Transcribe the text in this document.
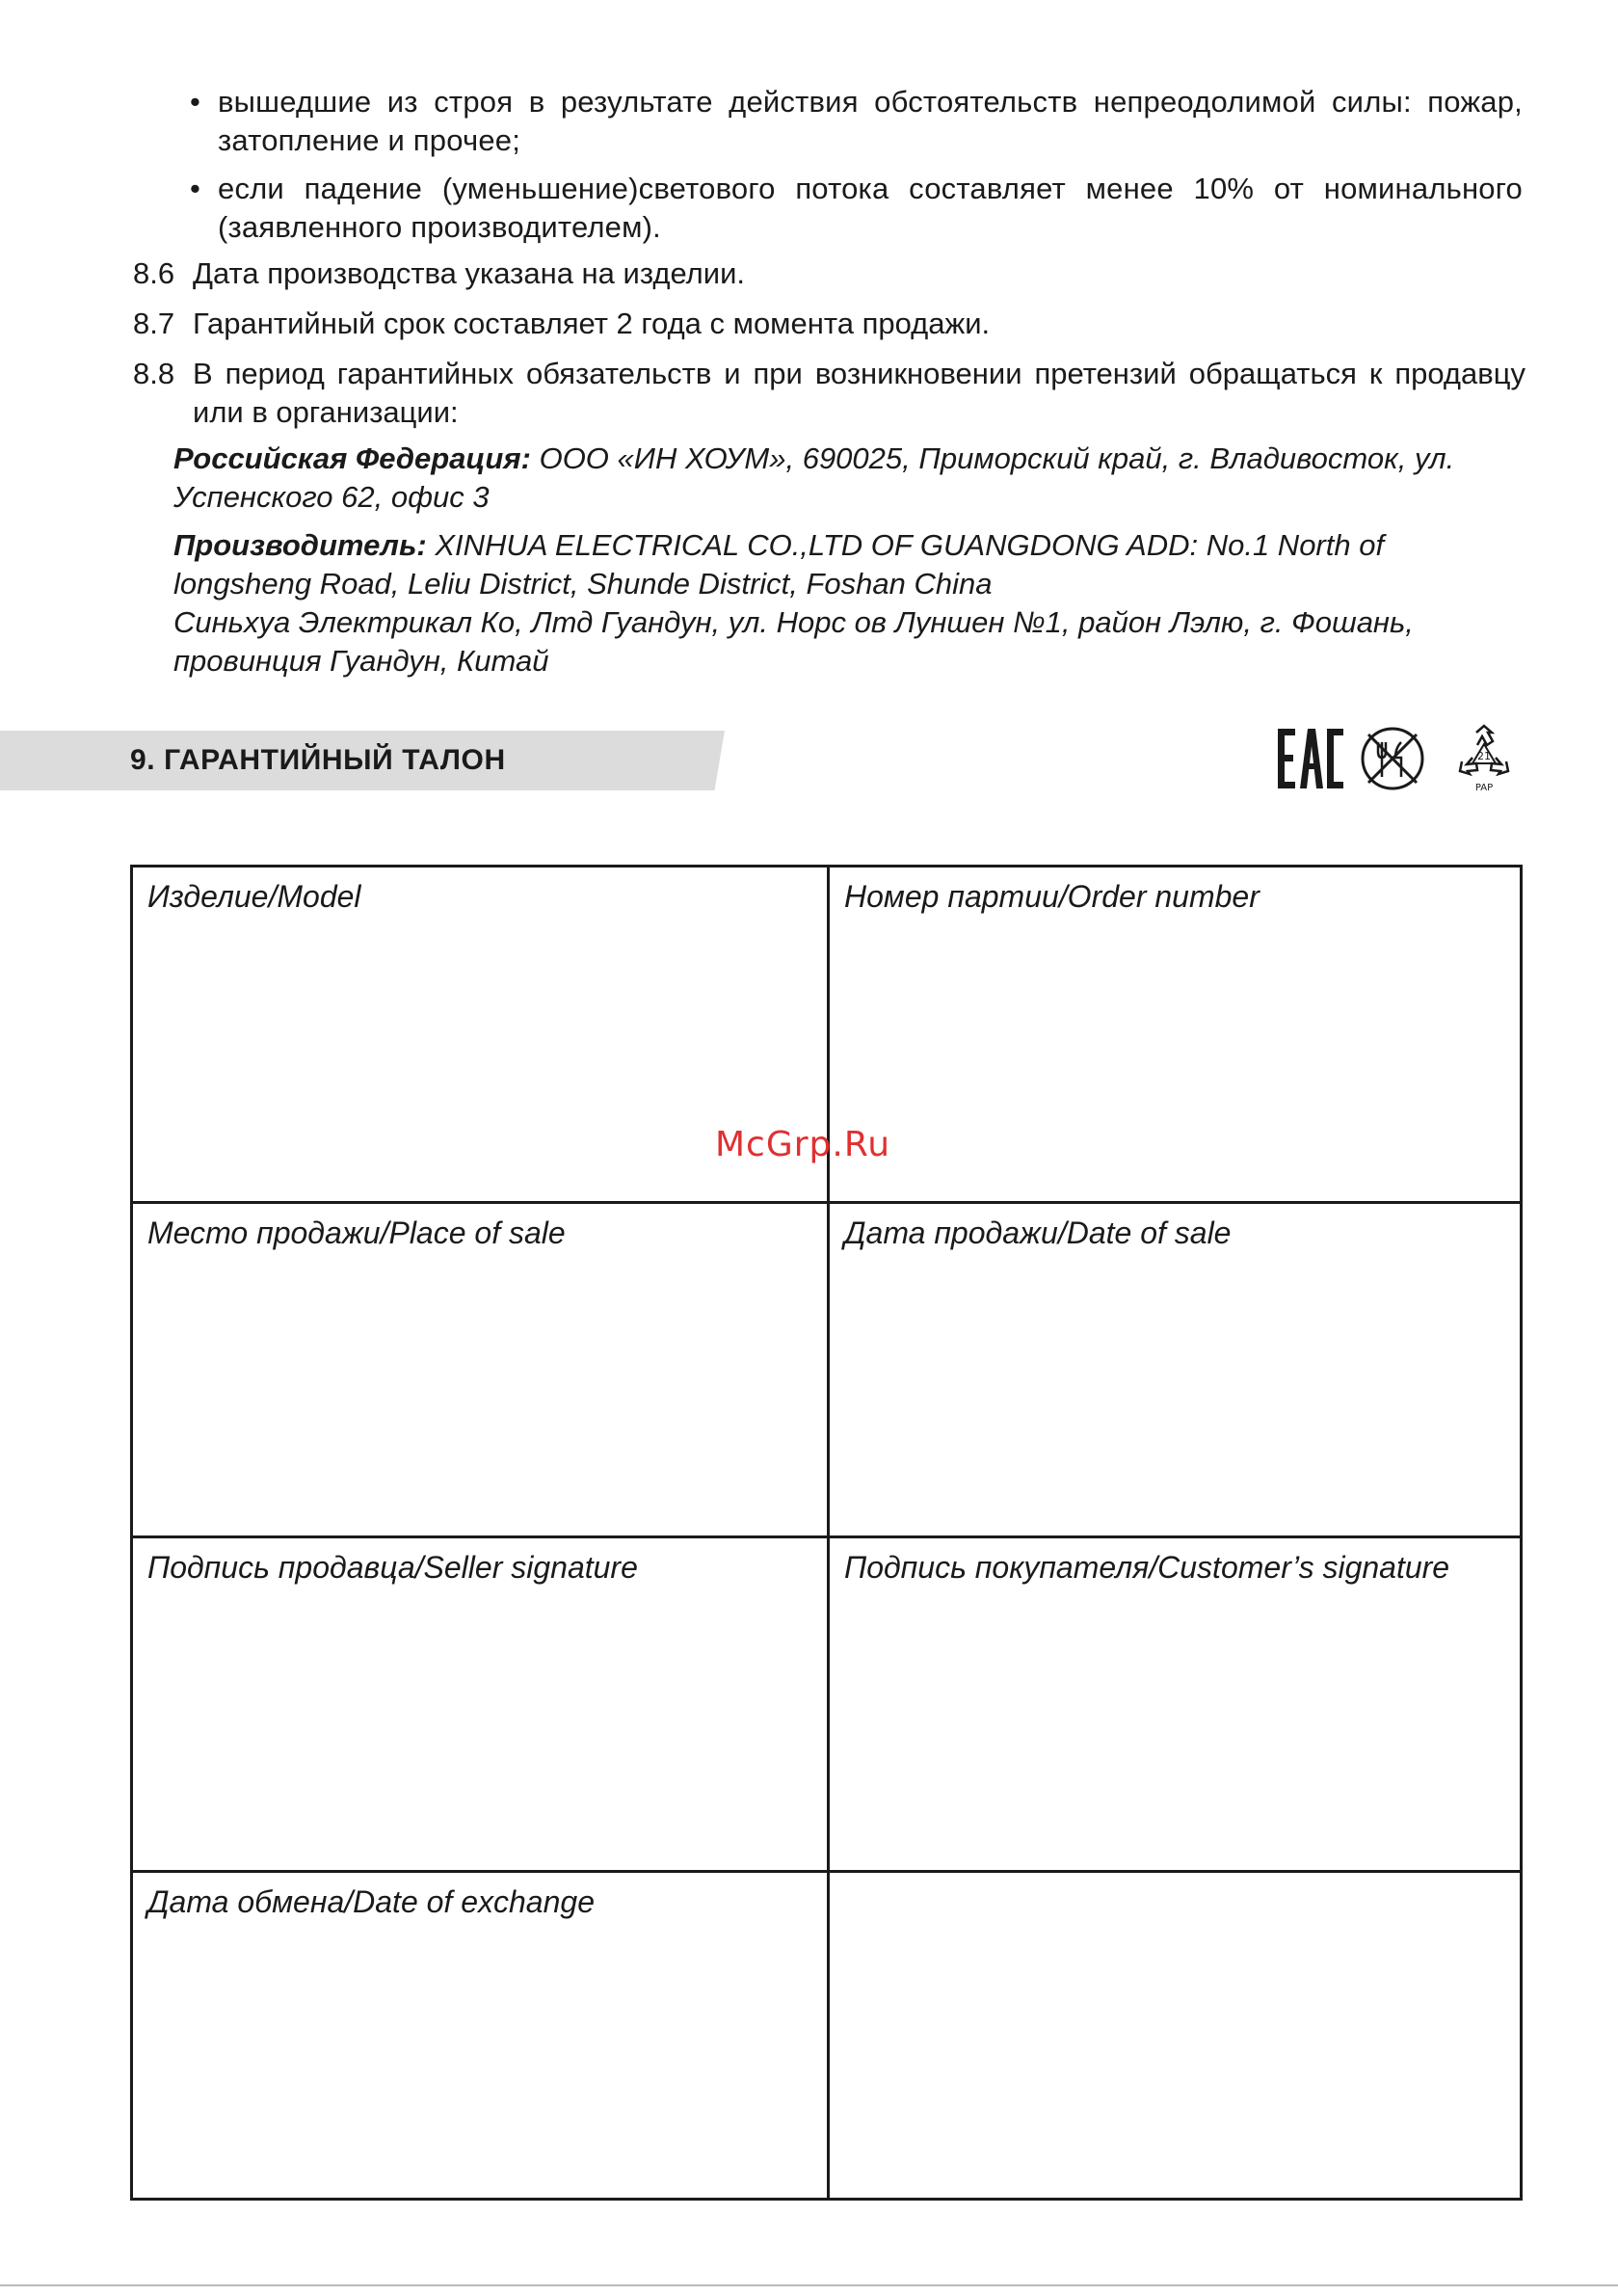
• вышедшие из строя в результате действия обстоятельств непреодолимой силы: пожар, затопление и прочее;
• если падение (уменьшение)светового потока составляет менее 10% от номинального (заявленного производителем).
8.6 Дата производства указана на изделии.
8.7 Гарантийный срок составляет 2 года с момента продажи.
8.8 В период гарантийных обязательств и при возникновении претензий обращаться к продавцу или в организации:
Российская Федерация: ООО «ИН ХОУМ», 690025, Приморский край, г. Владивосток, ул. Успенского 62, офис 3
Производитель: XINHUA ELECTRICAL CO.,LTD OF GUANGDONG ADD: No.1 North of longsheng Road, Leliu District, Shunde District, Foshan China
Синьхуа Электрикал Ко, Лтд Гуандун, ул. Норс ов Луншен №1, район Лэлю, г. Фошань, провинция Гуандун, Китай
9. ГАРАНТИЙНЫЙ ТАЛОН	21
PAP
Изделие/Model	Номер партии/Order number
Место продажи/Place of sale	Дата продажи/Date of sale
Подпись продавца/Seller signature	Подпись покупателя/Customer’s signature
Дата обмена/Date of exchange
McGrp.Ru
